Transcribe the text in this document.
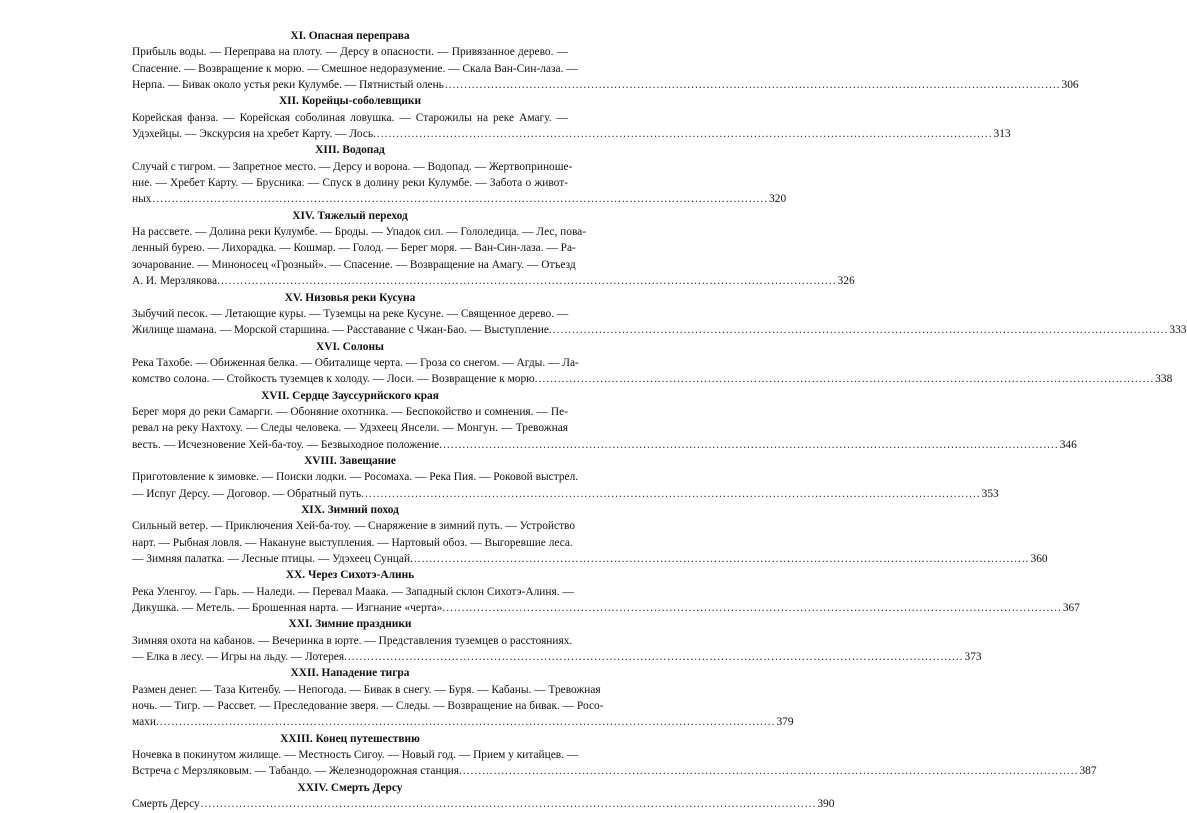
XI. Опасная переправа
Прибыль воды. — Переправа на плоту. — Дерсу в опасности. — Привязанное дерево. —
Спасение. — Возвращение к морю. — Смешное недоразумение. — Скала Ван-Син-лаза. —
Нерпа. — Бивак около устья реки Кулумбе. — Пятнистый олень .....	306
XII. Корейцы-соболевщики
Корейская фанза. — Корейская соболиная ловушка. — Старожилы на реке Амагу. —
Удэхейцы. — Экскурсия на хребет Карту. — Лось. .....	313
XIII. Водопад
Случай с тигром. — Запретное место. — Дерсу и ворона. — Водопад. — Жертвоприноше-
ние. — Хребет Карту. — Брусника. — Спуск в долину реки Кулумбе. — Забота о живот-
ных .....	320
XIV. Тяжелый переход
На рассвете. — Долина реки Кулумбе. — Броды. — Упадок сил. — Гололедица. — Лес, пова-
ленный бурею. — Лихорадка. — Кошмар. — Голод. — Берег моря. — Ван-Син-лаза. — Ра-
зочарование. — Миноносец «Грозный». — Спасение. — Возвращение на Амагу. — Отъезд
А. И. Мерзлякова. .....	326
XV. Низовья реки Кусуна
Зыбучий песок. — Летающие куры. — Туземцы на реке Кусуне. — Священное дерево. —
Жилище шамана. — Морской старшина. — Расставание с Чжан-Бао. — Выступление. .....	333
XVI. Солоны
Река Тахобе. — Обиженная белка. — Обиталище черта. — Гроза со снегом. — Агды. — Ла-
комство солона. — Стойкость туземцев к холоду. — Лоси. — Возвращение к морю. .....	338
XVII. Сердце Зауссурийского края
Берег моря до реки Самарги. — Обоняние охотника. — Беспокойство и сомнения. — Пе-
ревал на реку Нахтоху. — Следы человека. — Удэхеец Янсели. — Монгун. — Тревожная
весть. — Исчезновение Хей-ба-тоу. — Безвыходное положение. .....	346
XVIII. Завещание
Приготовление к зимовке. — Поиски лодки. — Росомаха. — Река Пия. — Роковой выстрел.
— Испуг Дерсу. — Договор. — Обратный путь. .....	353
XIX. Зимний поход
Сильный ветер. — Приключения Хей-ба-тоу. — Снаряжение в зимний путь. — Устройство
нарт. — Рыбная ловля. — Накануне выступления. — Нартовый обоз. — Выгоревшие леса.
— Зимняя палатка. — Лесные птицы. — Удэхеец Сунцай. .....	360
XX. Через Сихотэ-Алинь
Река Уленгоу. — Гарь. — Наледи. — Перевал Маака. — Западный склон Сихотэ-Алиня. —
Дикушка. — Метель. — Брошенная нарта. — Изгнание «черта». .....	367
XXI. Зимние праздники
Зимняя охота на кабанов. — Вечеринка в юрте. — Представления туземцев о расстояниях.
— Елка в лесу. — Игры на льду. — Лотерея. .....	373
XXII. Нападение тигра
Размен денег. — Таза Китенбу. — Непогода. — Бивак в снегу. — Буря. — Кабаны. — Тревожная
ночь. — Тигр. — Рассвет. — Преследование зверя. — Следы. — Возвращение на бивак. — Росо-
махи. .....	379
XXIII. Конец путешествию
Ночевка в покинутом жилище. — Местность Сигоу. — Новый год. — Прием у китайцев. —
Встреча с Мерзляковым. — Табандо. — Железнодорожная станция. .....	387
XXIV. Смерть Дерсу
Смерть Дерсу .....	390
